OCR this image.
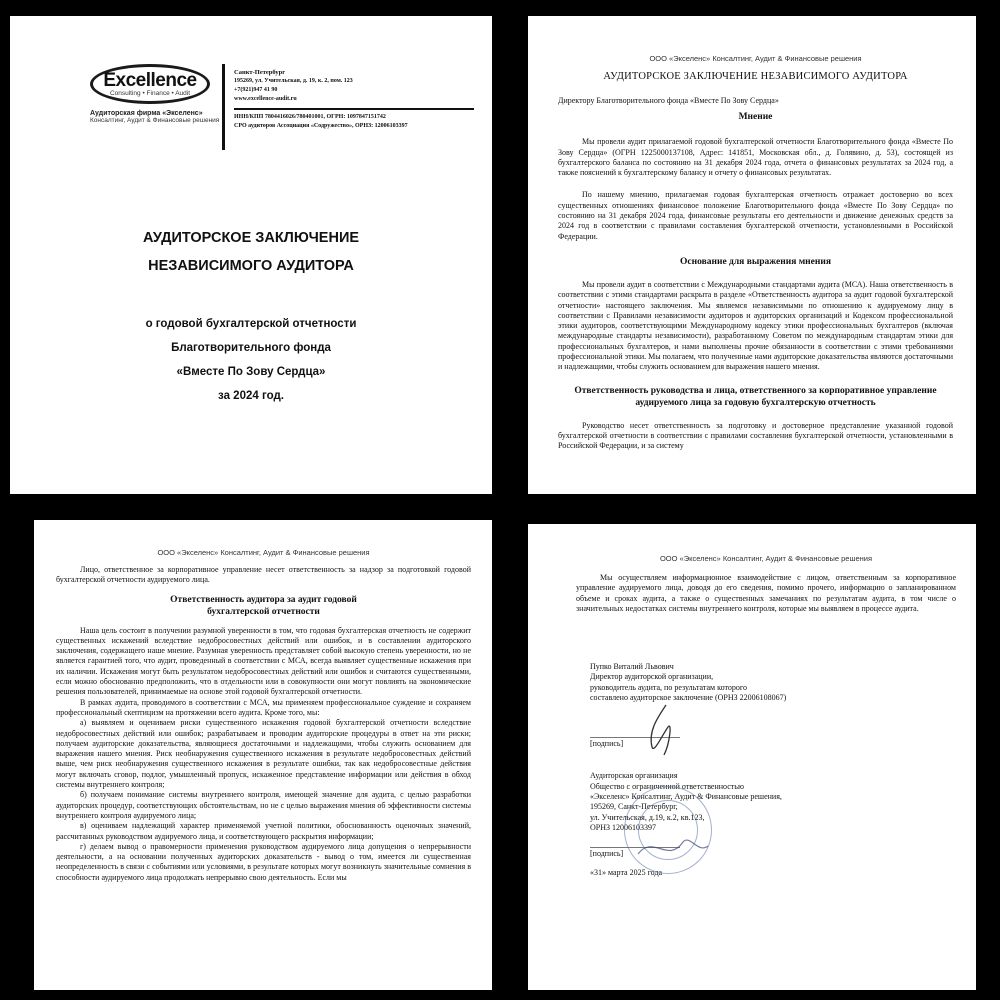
Excellence
Consulting • Finance • Audit
Аудиторская фирма «Экселенс»
Консалтинг, Аудит & Финансовые решения
Санкт-Петербург
195269, ул. Учительская, д. 19, к. 2, пом. 123
+7(921)947 41 90
www.excellence-audit.ru
ИНН/КПП 7804416026/780401001, ОГРН: 1097847151742
СРО аудиторов Ассоциация «Содружество», ОРНЗ: 12006103397
АУДИТОРСКОЕ ЗАКЛЮЧЕНИЕ
НЕЗАВИСИМОГО АУДИТОРА
о годовой бухгалтерской отчетности
Благотворительного фонда
«Вместе По Зову Сердца»
за 2024 год.
ООО «Экселенс» Консалтинг, Аудит & Финансовые решения
АУДИТОРСКОЕ ЗАКЛЮЧЕНИЕ НЕЗАВИСИМОГО АУДИТОРА
Директору Благотворительного фонда «Вместе По Зову Сердца»
Мнение
Мы провели аудит прилагаемой годовой бухгалтерской отчетности Благотворительного фонда «Вместе По Зову Сердца» (ОГРН 1225000137108, Адрес: 141851, Московская обл., д. Голявино, д. 53), состоящей из бухгалтерского баланса по состоянию на 31 декабря 2024 года, отчета о финансовых результатах за 2024 год, а также пояснений к бухгалтерскому балансу и отчету о финансовых результатах.
По нашему мнению, прилагаемая годовая бухгалтерская отчетность отражает достоверно во всех существенных отношениях финансовое положение Благотворительного фонда «Вместе По Зову Сердца» по состоянию на 31 декабря 2024 года, финансовые результаты его деятельности и движение денежных средств за 2024 год в соответствии с правилами составления бухгалтерской отчетности, установленными в Российской Федерации.
Основание для выражения мнения
Мы провели аудит в соответствии с Международными стандартами аудита (МСА). Наша ответственность в соответствии с этими стандартами раскрыта в разделе «Ответственность аудитора за аудит годовой бухгалтерской отчетности» настоящего заключения. Мы являемся независимыми по отношению к аудируемому лицу в соответствии с Правилами независимости аудиторов и аудиторских организаций и Кодексом профессиональной этики аудиторов, соответствующими Международному кодексу этики профессиональных бухгалтеров (включая международные стандарты независимости), разработанному Советом по международным стандартам этики для профессиональных бухгалтеров, и нами выполнены прочие обязанности в соответствии с этими требованиями профессиональной этики. Мы полагаем, что полученные нами аудиторские доказательства являются достаточными и надлежащими, чтобы служить основанием для выражения нашего мнения.
Ответственность руководства и лица, ответственного за корпоративное управление аудируемого лица за годовую бухгалтерскую отчетность
Руководство несет ответственность за подготовку и достоверное представление указанной годовой бухгалтерской отчетности в соответствии с правилами составления бухгалтерской отчетности, установленными в Российской Федерации, и за систему
ООО «Экселенс» Консалтинг, Аудит & Финансовые решения
Лицо, ответственное за корпоративное управление несет ответственность за надзор за подготовкой годовой бухгалтерской отчетности аудируемого лица.
Ответственность аудитора за аудит годовой бухгалтерской отчетности
Наша цель состоит в получении разумной уверенности в том, что годовая бухгалтерская отчетность не содержит существенных искажений вследствие недобросовестных действий или ошибок, и в составлении аудиторского заключения, содержащего наше мнение. Разумная уверенность представляет собой высокую степень уверенности, но не является гарантией того, что аудит, проведенный в соответствии с МСА, всегда выявляет существенные искажения при их наличии. Искажения могут быть результатом недобросовестных действий или ошибок и считаются существенными, если можно обоснованно предположить, что в отдельности или в совокупности они могут повлиять на экономические решения пользователей, принимаемые на основе этой годовой бухгалтерской отчетности.
В рамках аудита, проводимого в соответствии с МСА, мы применяем профессиональное суждение и сохраняем профессиональный скептицизм на протяжении всего аудита. Кроме того, мы:
а) выявляем и оцениваем риски существенного искажения годовой бухгалтерской отчетности вследствие недобросовестных действий или ошибок; разрабатываем и проводим аудиторские процедуры в ответ на эти риски; получаем аудиторские доказательства, являющиеся достаточными и надлежащими, чтобы служить основанием для выражения нашего мнения. Риск необнаружения существенного искажения в результате недобросовестных действий выше, чем риск необнаружения существенного искажения в результате ошибки, так как недобросовестные действия могут включать сговор, подлог, умышленный пропуск, искаженное представление информации или действия в обход системы внутреннего контроля;
б) получаем понимание системы внутреннего контроля, имеющей значение для аудита, с целью разработки аудиторских процедур, соответствующих обстоятельствам, но не с целью выражения мнения об эффективности системы внутреннего контроля аудируемого лица;
в) оцениваем надлежащий характер применяемой учетной политики, обоснованность оценочных значений, рассчитанных руководством аудируемого лица, и соответствующего раскрытия информации;
г) делаем вывод о правомерности применения руководством аудируемого лица допущения о непрерывности деятельности, а на основании полученных аудиторских доказательств - вывод о том, имеется ли существенная неопределенность в связи с событиями или условиями, в результате которых могут возникнуть значительные сомнения в способности аудируемого лица продолжать непрерывно свою деятельность. Если мы
ООО «Экселенс» Консалтинг, Аудит & Финансовые решения
Мы осуществляем информационное взаимодействие с лицом, ответственным за корпоративное управление аудируемого лица, доводя до его сведения, помимо прочего, информацию о запланированном объеме и сроках аудита, а также о существенных замечаниях по результатам аудита, в том числе о значительных недостатках системы внутреннего контроля, которые мы выявляем в процессе аудита.
Пупко Виталий Львович
Директор аудиторской организации,
руководитель аудита, по результатам которого
составлено аудиторское заключение (ОРНЗ 22006108067)
[подпись]
Аудиторская организация
Общество с ограниченной ответственностью
«Экселенс» Консалтинг, Аудит & Финансовые решения,
195269, Санкт-Петербург,
ул. Учительская, д.19, к.2, кв.123,
ОРНЗ 12006103397
[подпись]
«31» марта 2025 года
